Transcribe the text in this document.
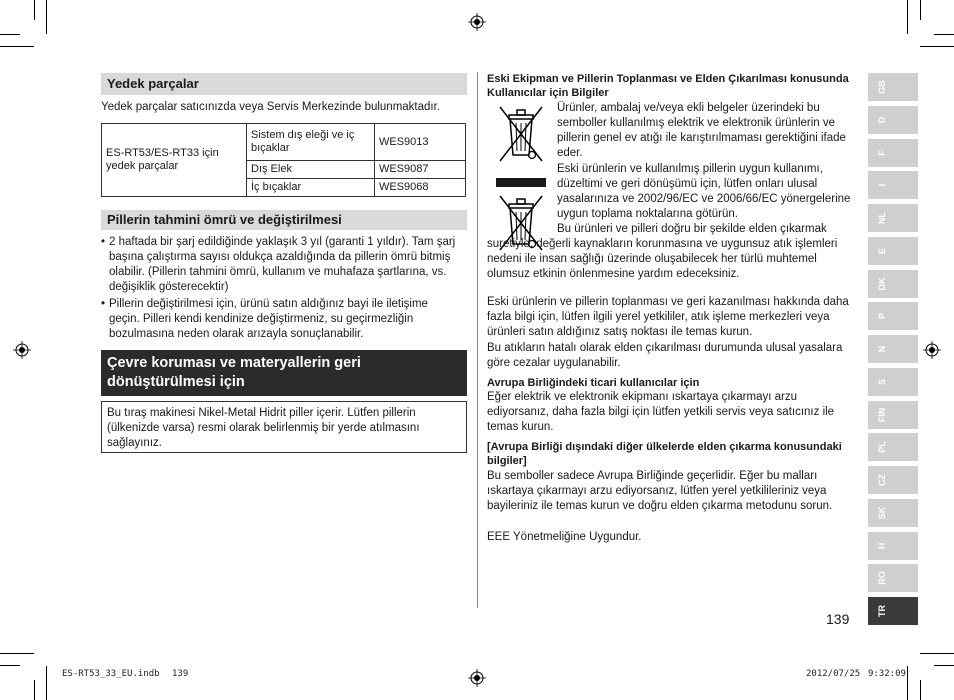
Yedek parçalar
Yedek parçalar satıcınızda veya Servis Merkezinde bulunmaktadır.
ES-RT53/ES-RT33 için yedek parçalar	Sistem dış eleği ve iç bıçaklar	WES9013
	Dış Elek	WES9087
	İç bıçaklar	WES9068
Pillerin tahmini ömrü ve değiştirilmesi
• 2 haftada bir şarj edildiğinde yaklaşık 3 yıl (garanti 1 yıldır). Tam şarj başına çalıştırma sayısı oldukça azaldığında da pillerin ömrü bitmiş olabilir. (Pillerin tahmini ömrü, kullanım ve muhafaza şartlarına, vs. değişiklik gösterecektir)
• Pillerin değiştirilmesi için, ürünü satın aldığınız bayi ile iletişime geçin. Pilleri kendi kendinize değiştirmeniz, su geçirmezliğin bozulmasına neden olarak arızayla sonuçlanabilir.
Çevre koruması ve materyallerin geri dönüştürülmesi için
Bu tıraş makinesi Nikel-Metal Hidrit piller içerir. Lütfen pillerin (ülkenizde varsa) resmi olarak belirlenmiş bir yerde atılmasını sağlayınız.
Eski Ekipman ve Pillerin Toplanması ve Elden Çıkarılması konusunda Kullanıcılar için Bilgiler
Ürünler, ambalaj ve/veya ekli belgeler üzerindeki bu semboller kullanılmış elektrik ve elektronik ürünlerin ve pillerin genel ev atığı ile karıştırılmaması gerektiğini ifade eder.
Eski ürünlerin ve kullanılmış pillerin uygun kullanımı, düzeltimi ve geri dönüşümü için, lütfen onları ulusal yasalarınıza ve 2002/96/EC ve 2006/66/EC yönergelerine uygun toplama noktalarına götürün.
Bu ürünleri ve pilleri doğru bir şekilde elden çıkarmak suretiyle, değerli kaynakların korunmasına ve uygunsuz atık işlemleri nedeni ile insan sağlığı üzerinde oluşabilecek her türlü muhtemel olumsuz etkinin önlenmesine yardım edeceksiniz.
Eski ürünlerin ve pillerin toplanması ve geri kazanılması hakkında daha fazla bilgi için, lütfen ilgili yerel yetkililer, atık işleme merkezleri veya ürünleri satın aldığınız satış noktası ile temas kurun.
Bu atıkların hatalı olarak elden çıkarılması durumunda ulusal yasalara göre cezalar uygulanabilir.
Avrupa Birliğindeki ticari kullanıcılar için
Eğer elektrik ve elektronik ekipmanı ıskartaya çıkarmayı arzu ediyorsanız, daha fazla bilgi için lütfen yetkili servis veya satıcınız ile temas kurun.
[Avrupa Birliği dışındaki diğer ülkelerde elden çıkarma konusundaki bilgiler]
Bu semboller sadece Avrupa Birliğinde geçerlidir. Eğer bu malları ıskartaya çıkarmayı arzu ediyorsanız, lütfen yerel yetkilileriniz veya bayileriniz ile temas kurun ve doğru elden çıkarma metodunu sorun.
EEE Yönetmeliğine Uygundur.
GB
D
F
I
NL
E
DK
P
N
S
FIN
PL
CZ
SK
H
RO
TR
139
ES-RT53_33_EU.indb 139	2012/07/25 9:32:09
